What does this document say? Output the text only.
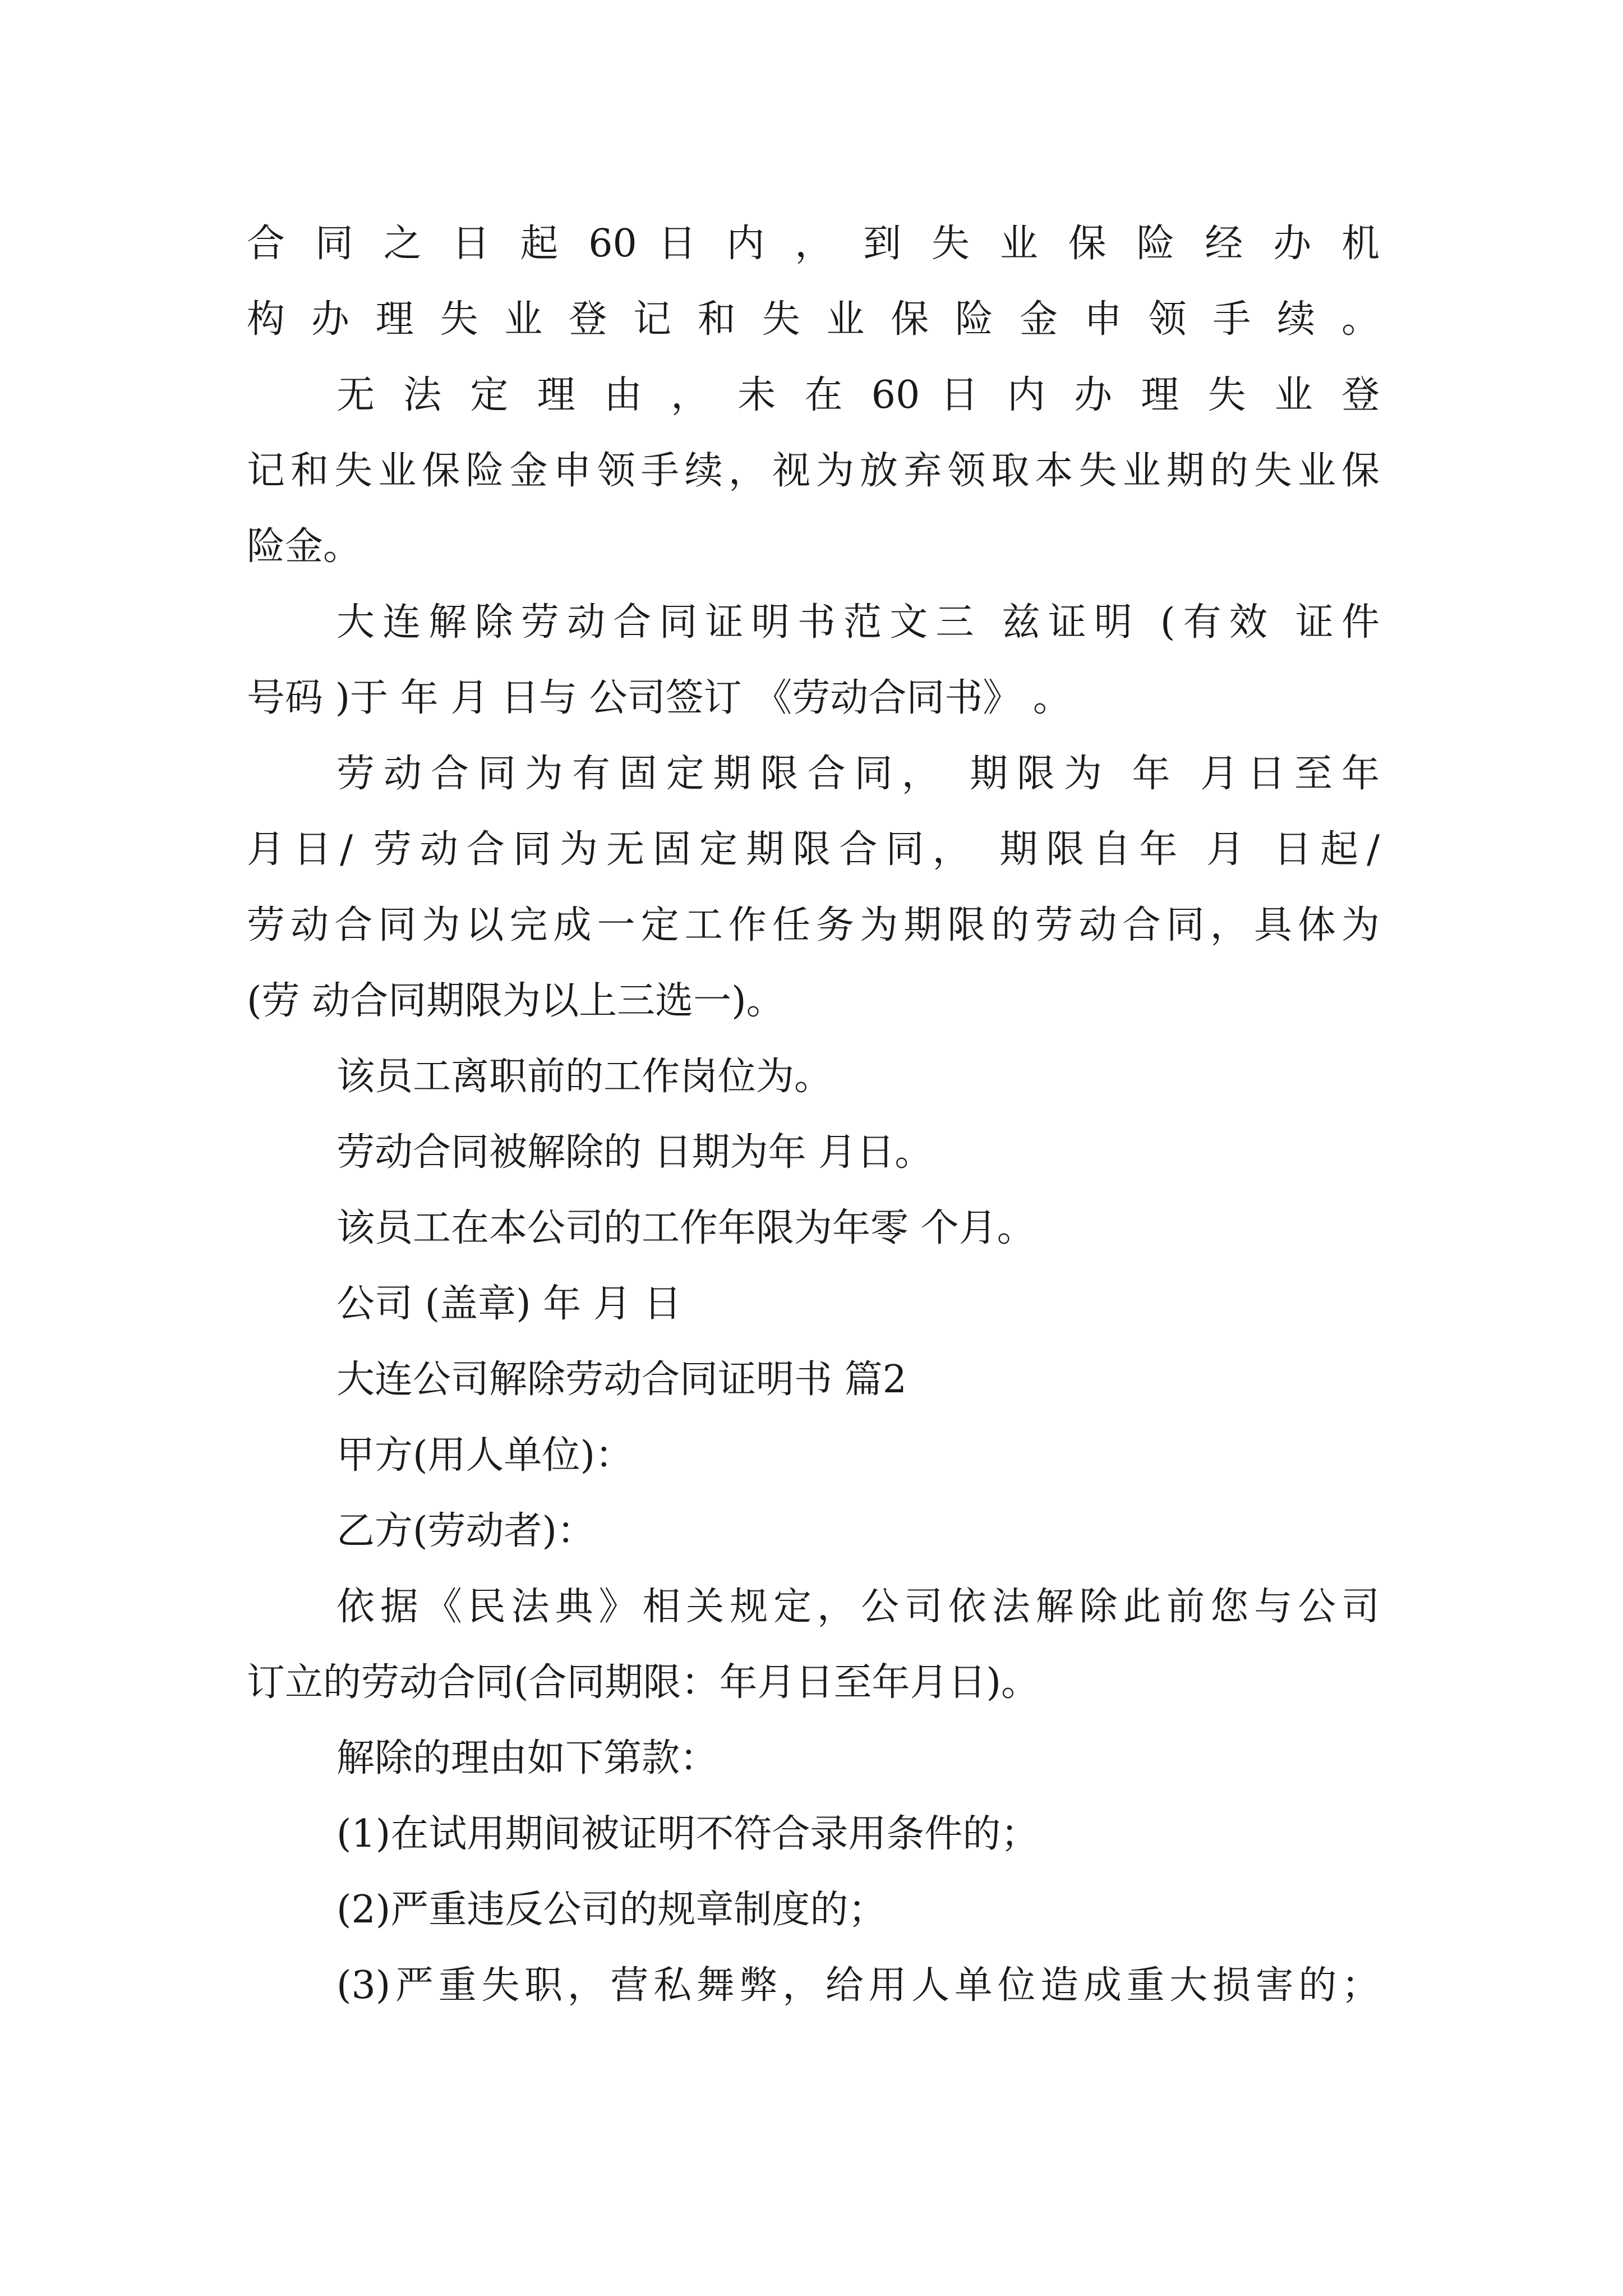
合 同 之 日 起 60 日 内 ， 到 失 业 保 险 经 办 机
构 办 理 失 业 登 记 和 失 业 保 险 金 申 领 手 续 。
无 法 定 理 由 ， 未 在 60 日 内 办 理 失 业 登
记和失业保险金申领手续，视为放弃领取本失业期的失业保
险金。
大连解除劳动合同证明书范文三 兹证明 (有效 证件
号码 )于 年 月 日与 公司签订 《劳动合同书》 。
劳动合同为有固定期限合同， 期限为 年 月日至年
月日/ 劳动合同为无固定期限合同， 期限自年 月 日起/
劳动合同为以完成一定工作任务为期限的劳动合同，具体为
(劳 动合同期限为以上三选一)。
该员工离职前的工作岗位为。
劳动合同被解除的 日期为年 月日。
该员工在本公司的工作年限为年零 个月。
公司 (盖章) 年 月 日
大连公司解除劳动合同证明书 篇2
甲方(用人单位)：
乙方(劳动者)：
依据《民法典》相关规定，公司依法解除此前您与公司
订立的劳动合同(合同期限：年月日至年月日)。
解除的理由如下第款：
(1)在试用期间被证明不符合录用条件的；
(2)严重违反公司的规章制度的；
(3)严重失职，营私舞弊，给用人单位造成重大损害的；
